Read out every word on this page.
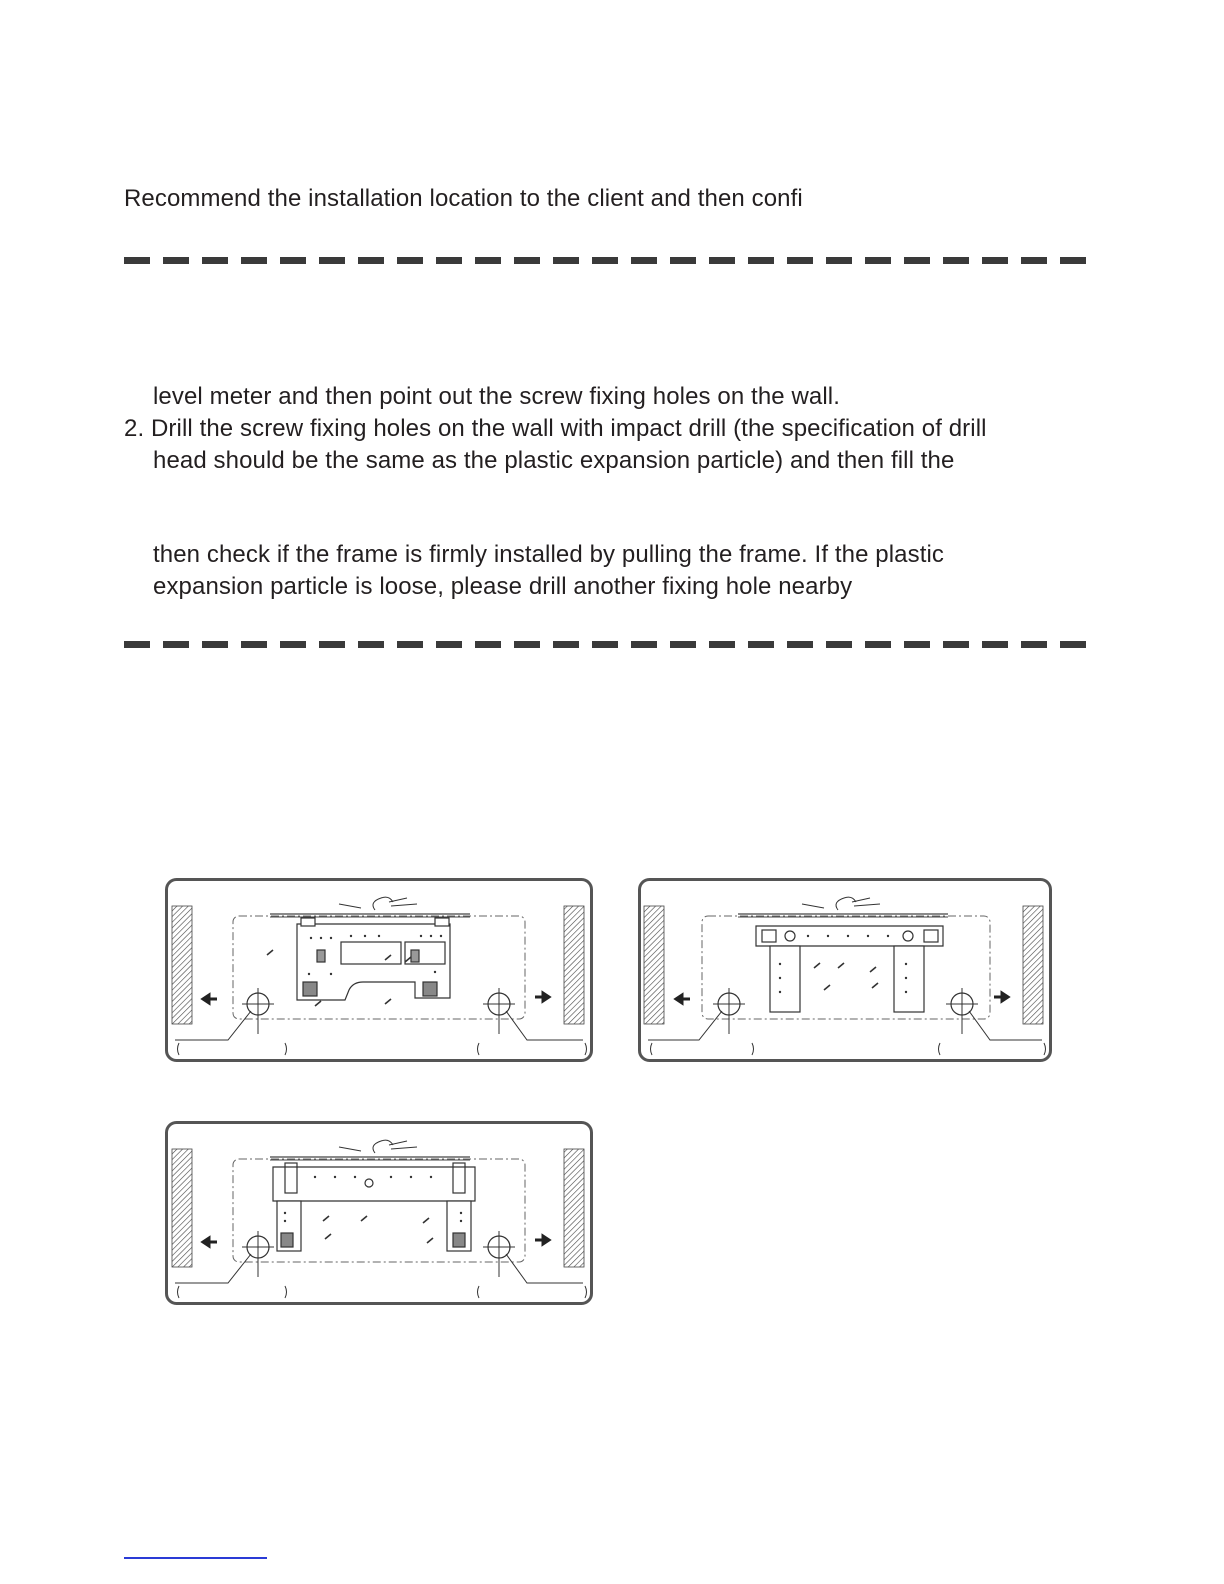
Recommend the installation location to the client and then confi
level meter and then point out the screw fixing holes on the wall.
2. Drill the screw fixing holes on the wall with impact drill (the specification of drill
head should be the same as the plastic expansion particle) and then fill the
then check if the frame is firmly installed by pulling the frame. If the plastic
expansion particle is loose, please drill another fixing hole nearby
